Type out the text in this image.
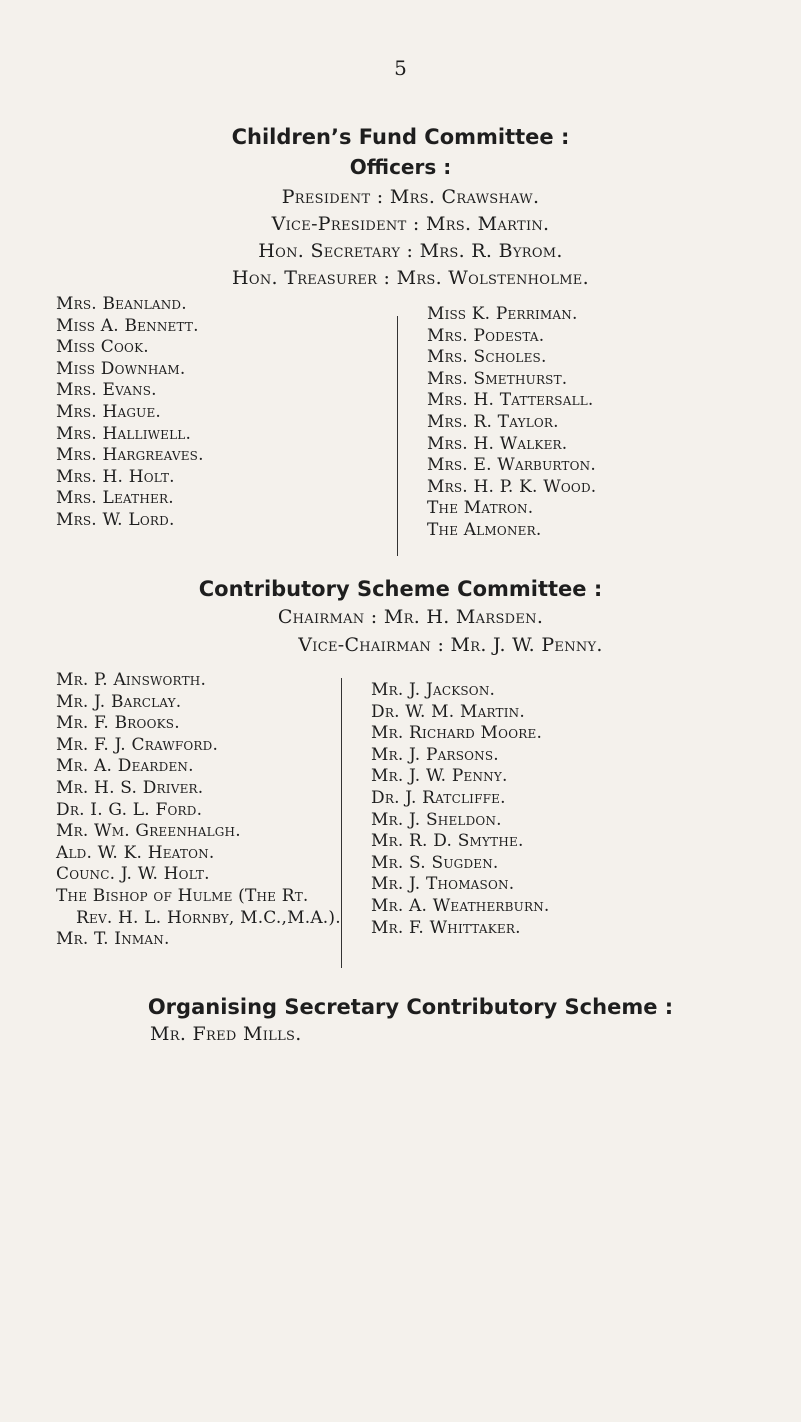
5
Children’s Fund Committee :
Officers :
President : Mrs. Crawshaw.
Vice-President : Mrs. Martin.
Hon. Secretary : Mrs. R. Byrom.
Hon. Treasurer : Mrs. Wolstenholme.
Mrs. Beanland.
Miss A. Bennett.
Miss Cook.
Miss Downham.
Mrs. Evans.
Mrs. Hague.
Mrs. Halliwell.
Mrs. Hargreaves.
Mrs. H. Holt.
Mrs. Leather.
Mrs. W. Lord.
Miss K. Perriman.
Mrs. Podesta.
Mrs. Scholes.
Mrs. Smethurst.
Mrs. H. Tattersall.
Mrs. R. Taylor.
Mrs. H. Walker.
Mrs. E. Warburton.
Mrs. H. P. K. Wood.
The Matron.
The Almoner.
Contributory Scheme Committee :
Chairman : Mr. H. Marsden.
Vice-Chairman : Mr. J. W. Penny.
Mr. P. Ainsworth.
Mr. J. Barclay.
Mr. F. Brooks.
Mr. F. J. Crawford.
Mr. A. Dearden.
Mr. H. S. Driver.
Dr. I. G. L. Ford.
Mr. Wm. Greenhalgh.
Ald. W. K. Heaton.
Counc. J. W. Holt.
The Bishop of Hulme (The Rt.
Rev. H. L. Hornby, M.C.,M.A.).
Mr. T. Inman.
Mr. J. Jackson.
Dr. W. M. Martin.
Mr. Richard Moore.
Mr. J. Parsons.
Mr. J. W. Penny.
Dr. J. Ratcliffe.
Mr. J. Sheldon.
Mr. R. D. Smythe.
Mr. S. Sugden.
Mr. J. Thomason.
Mr. A. Weatherburn.
Mr. F. Whittaker.
Organising Secretary Contributory Scheme :
Mr. Fred Mills.
